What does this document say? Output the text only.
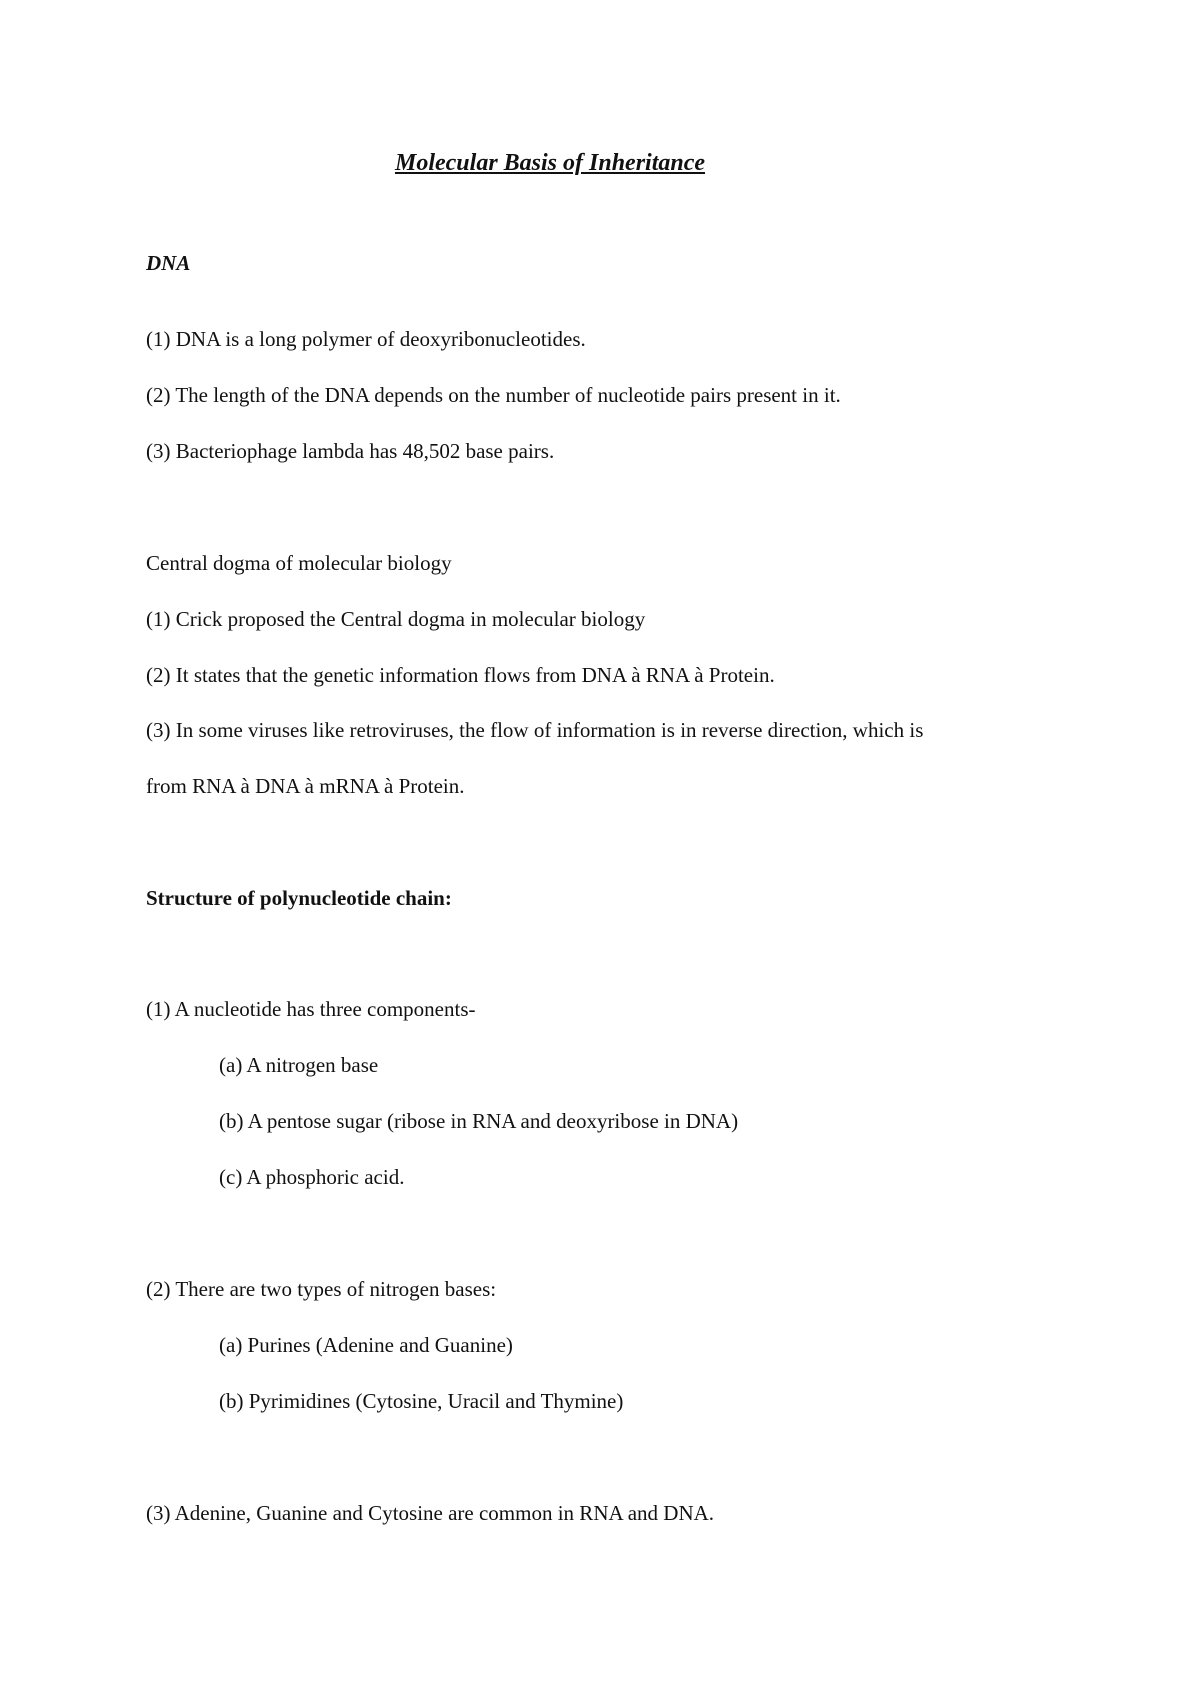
Molecular Basis of Inheritance
DNA
(1) DNA is a long polymer of deoxyribonucleotides.
(2) The length of the DNA depends on the number of nucleotide pairs present in it.
(3) Bacteriophage lambda has 48,502 base pairs.
Central dogma of molecular biology
(1) Crick proposed the Central dogma in molecular biology
(2) It states that the genetic information flows from DNA à RNA à Protein.
(3) In some viruses like retroviruses, the flow of information is in reverse direction, which is
from RNA à DNA à mRNA à Protein.
Structure of polynucleotide chain:
(1) A nucleotide has three components-
(a) A nitrogen base
(b) A pentose sugar (ribose in RNA and deoxyribose in DNA)
(c) A phosphoric acid.
(2) There are two types of nitrogen bases:
(a) Purines (Adenine and Guanine)
(b) Pyrimidines (Cytosine, Uracil and Thymine)
(3) Adenine, Guanine and Cytosine are common in RNA and DNA.
